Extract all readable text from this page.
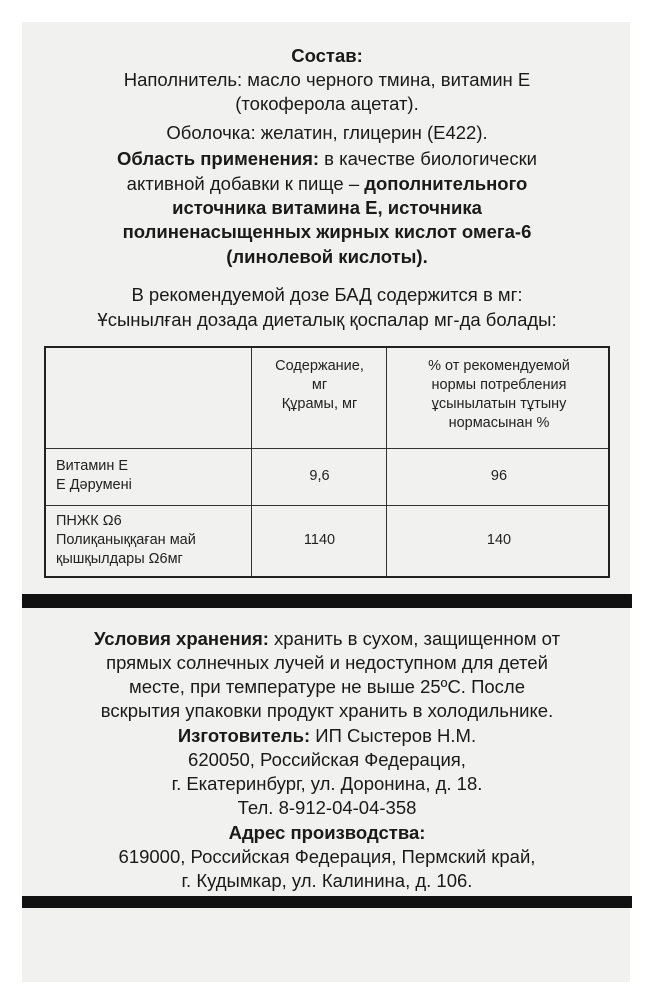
Состав:
Наполнитель: масло черного тмина, витамин Е
(токоферола ацетат).
Оболочка: желатин, глицерин (Е422).
Область применения: в качестве биологически
активной добавки к пище – дополнительного
источника витамина Е, источника
полиненасыщенных жирных кислот омега-6
(линолевой кислоты).
В рекомендуемой дозе БАД содержится в мг:
Ұсынылған дозада диеталық қоспалар мг-да болады:
Содержание,
мг
Құрамы, мг
% от рекомендуемой
нормы потребления
ұсынылатын тұтыну
нормасынан %
Витамин Е
Е Дәрумені
9,6	96
ПНЖК Ω6
Полиқаныққаған май
қышқылдары Ω6мг
1140	140
Условия хранения: хранить в сухом, защищенном от
прямых солнечных лучей и недоступном для детей
месте, при температуре не выше 25ºС. После
вскрытия упаковки продукт хранить в холодильнике.
Изготовитель: ИП Сыстеров Н.М.
620050, Российская Федерация,
г. Екатеринбург, ул. Доронина, д. 18.
Тел. 8-912-04-04-358
Адрес производства:
619000, Российская Федерация, Пермский край,
г. Кудымкар, ул. Калинина, д. 106.
